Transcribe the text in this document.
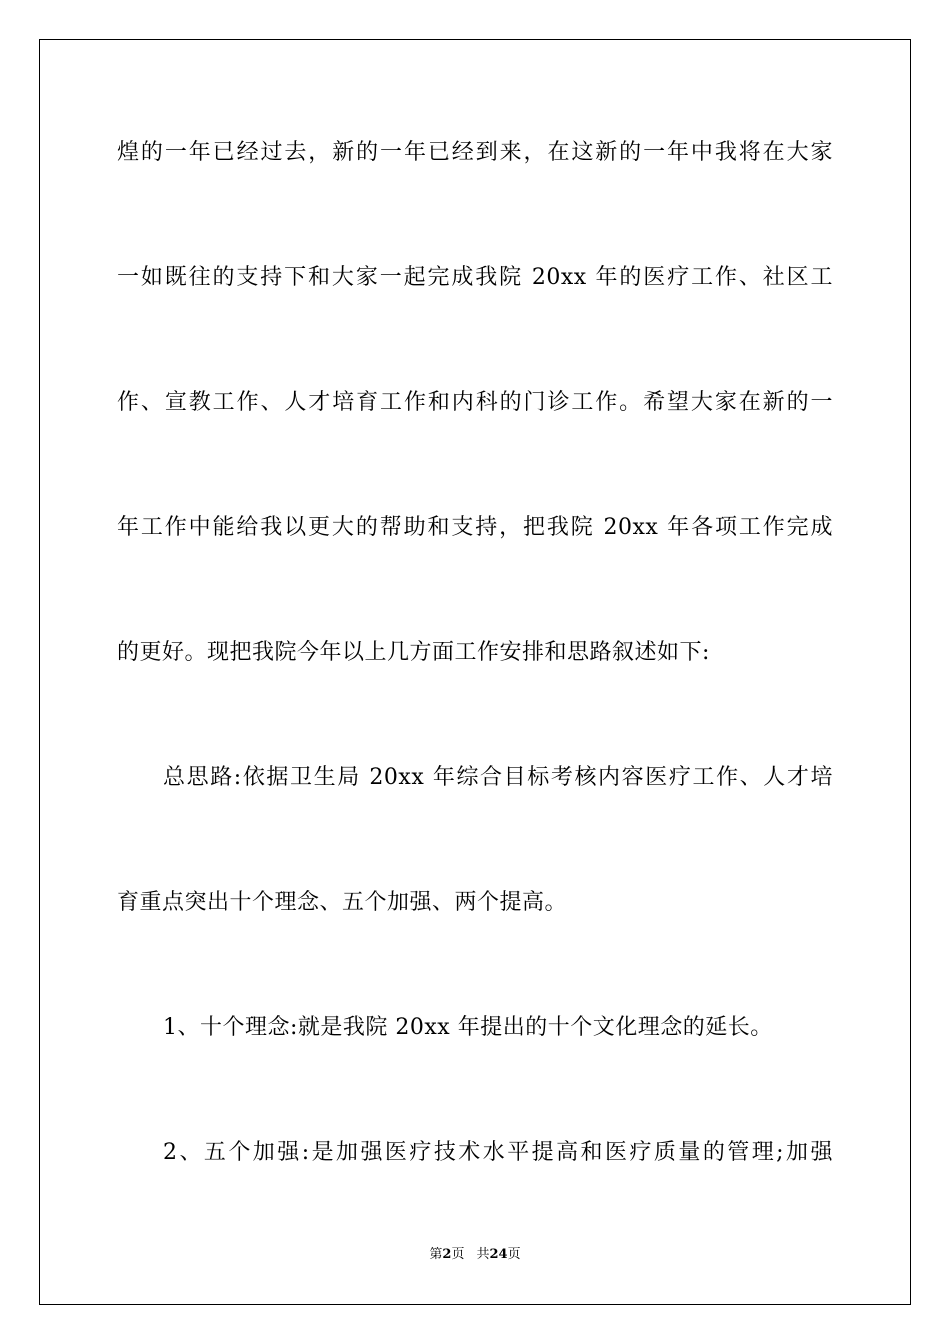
煌的一年已经过去，新的一年已经到来，在这新的一年中我将在大家
一如既往的支持下和大家一起完成我院 20xx 年的医疗工作、社区工
作、宣教工作、人才培育工作和内科的门诊工作。希望大家在新的一
年工作中能给我以更大的帮助和支持，把我院 20xx 年各项工作完成
的更好。现把我院今年以上几方面工作安排和思路叙述如下:
总思路:依据卫生局 20xx 年综合目标考核内容医疗工作、人才培
育重点突出十个理念、五个加强、两个提高。
1、十个理念:就是我院 20xx 年提出的十个文化理念的延长。
2、五个加强:是加强医疗技术水平提高和医疗质量的管理;加强
第2页 共24页
